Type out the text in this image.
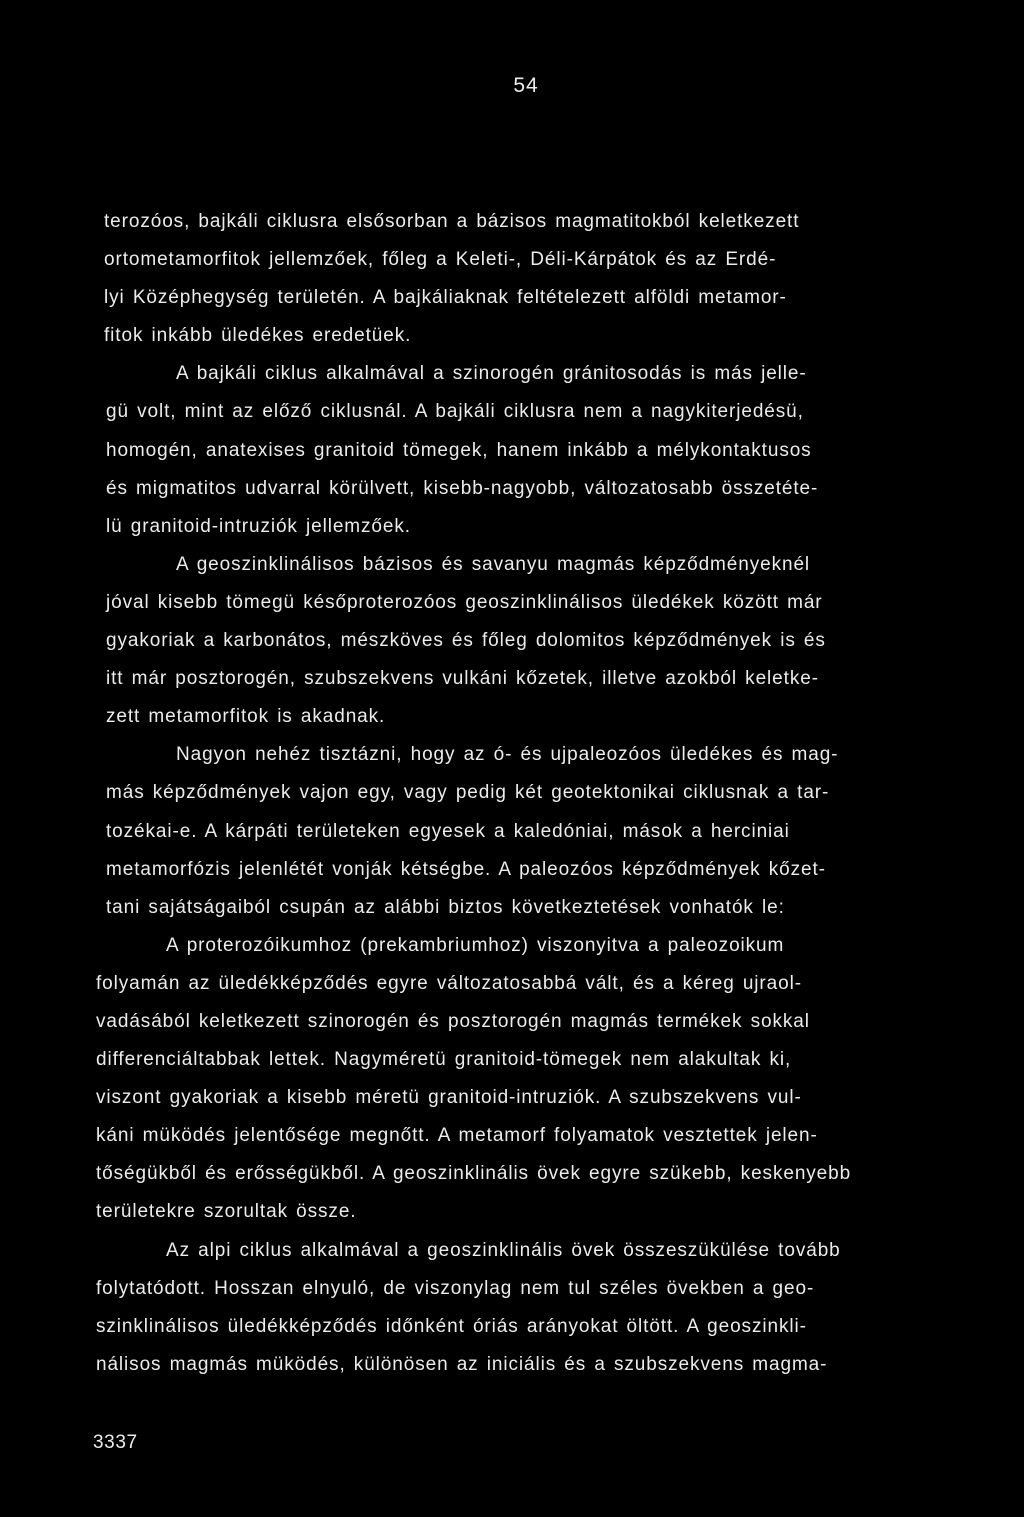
54
terozóos, bajkáli ciklusra elsősorban a bázisos magmatitokból keletkezett
ortometamorfitok jellemzőek, főleg a Keleti-, Déli-Kárpátok és az Erdé-
lyi Középhegység területén. A bajkáliaknak feltételezett alföldi metamor-
fitok inkább üledékes eredetüek.
A bajkáli ciklus alkalmával a szinorogén gránitosodás is más jelle-
gü volt, mint az előző ciklusnál. A bajkáli ciklusra nem a nagykiterjedésü,
homogén, anatexises granitoid tömegek, hanem inkább a mélykontaktusos
és migmatitos udvarral körülvett, kisebb-nagyobb, változatosabb összetéte-
lü granitoid-intruziók jellemzőek.
A geoszinklinálisos bázisos és savanyu magmás képződményeknél
jóval kisebb tömegü későproterozóos geoszinklinálisos üledékek között már
gyakoriak a karbonátos, mészköves és főleg dolomitos képződmények is és
itt már posztorogén, szubszekvens vulkáni kőzetek, illetve azokból keletke-
zett metamorfitok is akadnak.
Nagyon nehéz tisztázni, hogy az ó- és ujpaleozóos üledékes és mag-
más képződmények vajon egy, vagy pedig két geotektonikai ciklusnak a tar-
tozékai-e. A kárpáti területeken egyesek a kaledóniai, mások a herciniai
metamorfózis jelenlétét vonják kétségbe. A paleozóos képződmények kőzet-
tani sajátságaiból csupán az alábbi biztos következtetések vonhatók le:
A proterozóikumhoz (prekambriumhoz) viszonyitva a paleozoikum
folyamán az üledékképződés egyre változatosabbá vált, és a kéreg ujraol-
vadásából keletkezett szinorogén és posztorogén magmás termékek sokkal
differenciáltabbak lettek. Nagyméretü granitoid-tömegek nem alakultak ki,
viszont gyakoriak a kisebb méretü granitoid-intruziók. A szubszekvens vul-
káni müködés jelentősége megnőtt. A metamorf folyamatok vesztettek jelen-
tőségükből és erősségükből. A geoszinklinális övek egyre szükebb, keskenyebb
területekre szorultak össze.
Az alpi ciklus alkalmával a geoszinklinális övek összeszükülése tovább
folytatódott. Hosszan elnyuló, de viszonylag nem tul széles övekben a geo-
szinklinálisos üledékképződés időnként óriás arányokat öltött. A geoszinkli-
nálisos magmás müködés, különösen az iniciális és a szubszekvens magma-
3337
